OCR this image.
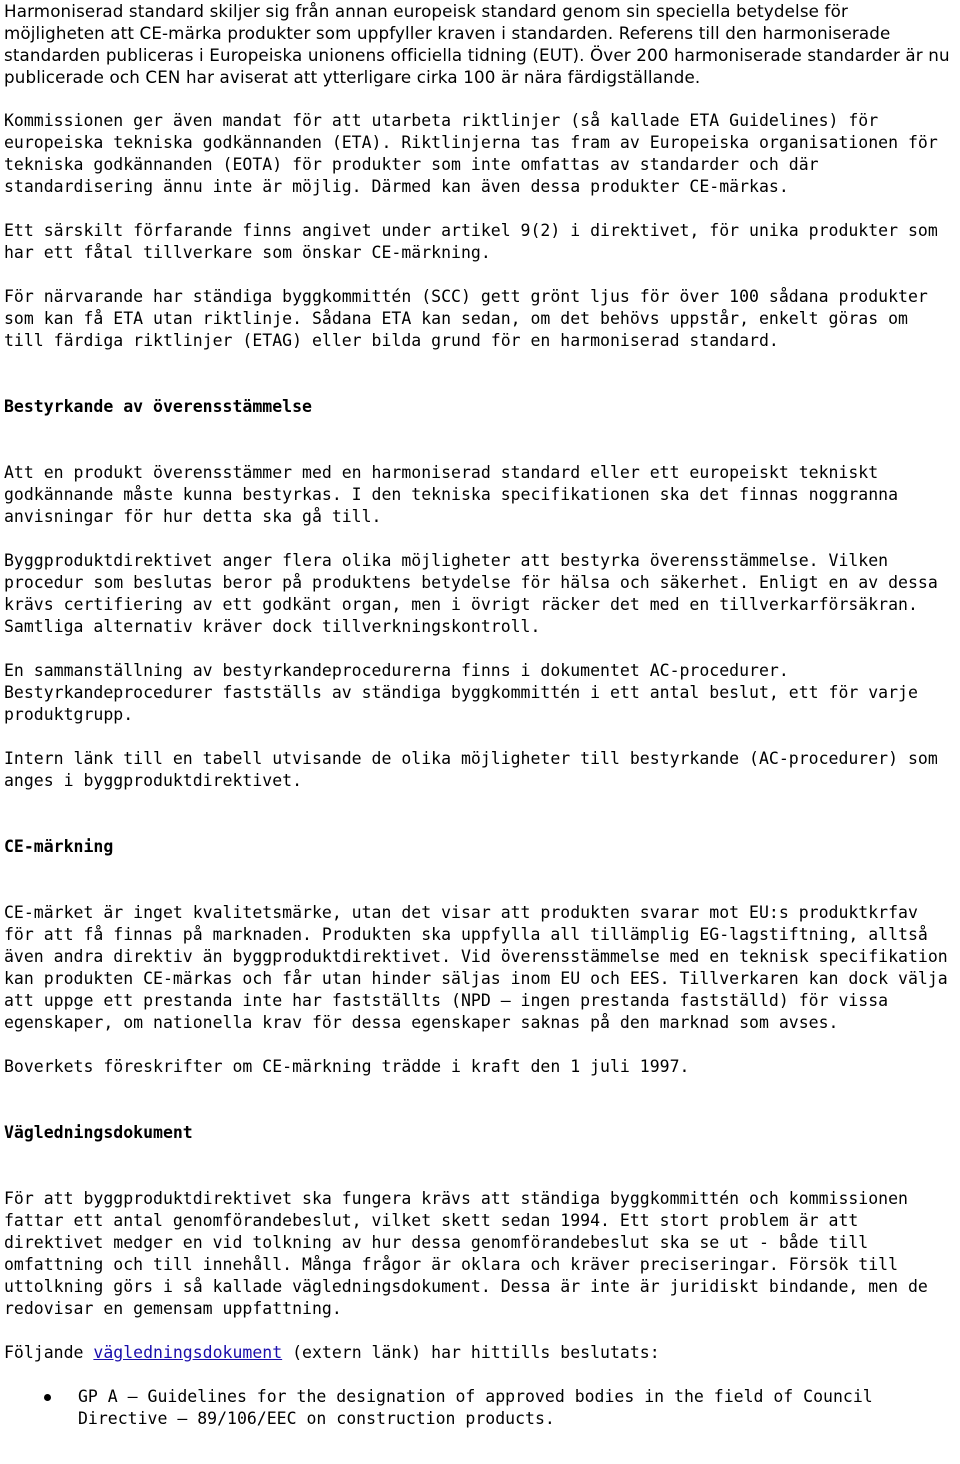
Harmoniserad standard skiljer sig från annan europeisk standard genom sin speciella betydelse för möjligheten att CE-märka produkter som uppfyller kraven i standarden. Referens till den harmoniserade standarden publiceras i Europeiska unionens officiella tidning (EUT). Över 200 harmoniserade standarder är nu publicerade och CEN har aviserat att ytterligare cirka 100 är nära färdigställande.

Kommissionen ger även mandat för att utarbeta riktlinjer (så kallade ETA Guidelines) för europeiska tekniska godkännanden (ETA). Riktlinjerna tas fram av Europeiska organisationen för tekniska godkännanden (EOTA) för produkter som inte omfattas av standarder och där standardisering ännu inte är möjlig. Därmed kan även dessa produkter CE-märkas.

Ett särskilt förfarande finns angivet under artikel 9(2) i direktivet, för unika produkter som har ett fåtal tillverkare som önskar CE-märkning.

För närvarande har ständiga byggkommittén (SCC) gett grönt ljus för över 100 sådana produkter som kan få ETA utan riktlinje. Sådana ETA kan sedan, om det behövs uppstår, enkelt göras om till färdiga riktlinjer (ETAG) eller bilda grund för en harmoniserad standard.

Bestyrkande av överensstämmelse

Att en produkt överensstämmer med en harmoniserad standard eller ett europeiskt tekniskt godkännande måste kunna bestyrkas. I den tekniska specifikationen ska det finnas noggranna anvisningar för hur detta ska gå till.

Byggproduktdirektivet anger flera olika möjligheter att bestyrka överensstämmelse. Vilken procedur som beslutas beror på produktens betydelse för hälsa och säkerhet. Enligt en av dessa krävs certifiering av ett godkänt organ, men i övrigt räcker det med en tillverkarförsäkran. Samtliga alternativ kräver dock tillverkningskontroll.

En sammanställning av bestyrkandeprocedurerna finns i dokumentet AC-procedurer. Bestyrkandeprocedurer fastställs av ständiga byggkommittén i ett antal beslut, ett för varje produktgrupp.

Intern länk till en tabell utvisande de olika möjligheter till bestyrkande (AC-procedurer) som anges i byggproduktdirektivet.

CE-märkning

CE-märket är inget kvalitetsmärke, utan det visar att produkten svarar mot EU:s produktkrfav för att få finnas på marknaden. Produkten ska uppfylla all tillämplig EG-lagstiftning, alltså även andra direktiv än byggproduktdirektivet. Vid överensstämmelse med en teknisk specifikation kan produkten CE-märkas och får utan hinder säljas inom EU och EES. Tillverkaren kan dock välja att uppge ett prestanda inte har fastställts (NPD — ingen prestanda fastställd) för vissa egenskaper, om nationella krav för dessa egenskaper saknas på den marknad som avses.

Boverkets föreskrifter om CE-märkning trädde i kraft den 1 juli 1997.

Vägledningsdokument

För att byggproduktdirektivet ska fungera krävs att ständiga byggkommittén och kommissionen fattar ett antal genomförandebeslut, vilket skett sedan 1994. Ett stort problem är att direktivet medger en vid tolkning av hur dessa genomförandebeslut ska se ut - både till omfattning och till innehåll. Många frågor är oklara och kräver preciseringar. Försök till uttolkning görs i så kallade vägledningsdokument. Dessa är inte är juridiskt bindande, men de redovisar en gemensam uppfattning.

Följande vägledningsdokument (extern länk) har hittills beslutats:

GP A — Guidelines for the designation of approved bodies in the field of Council Directive — 89/106/EEC on construction products.
